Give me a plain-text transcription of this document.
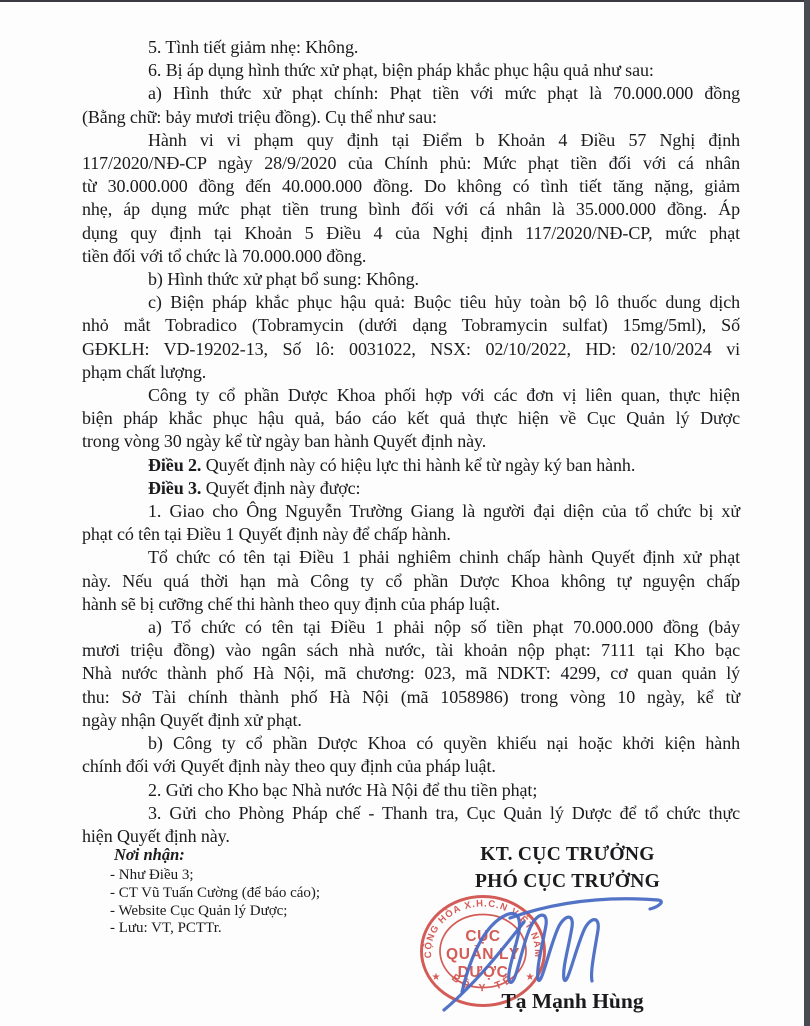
5. Tình tiết giảm nhẹ: Không.
6. Bị áp dụng hình thức xử phạt, biện pháp khắc phục hậu quả như sau:
a) Hình thức xử phạt chính: Phạt tiền với mức phạt là 70.000.000 đồng
(Bằng chữ: bảy mươi triệu đồng). Cụ thể như sau:
Hành vi vi phạm quy định tại Điểm b Khoản 4 Điều 57 Nghị định
117/2020/NĐ-CP ngày 28/9/2020 của Chính phủ: Mức phạt tiền đối với cá nhân
từ 30.000.000 đồng đến 40.000.000 đồng. Do không có tình tiết tăng nặng, giảm
nhẹ, áp dụng mức phạt tiền trung bình đối với cá nhân là 35.000.000 đồng. Áp
dụng quy định tại Khoản 5 Điều 4 của Nghị định 117/2020/NĐ-CP, mức phạt
tiền đối với tổ chức là 70.000.000 đồng.
b) Hình thức xử phạt bổ sung: Không.
c) Biện pháp khắc phục hậu quả: Buộc tiêu hủy toàn bộ lô thuốc dung dịch
nhỏ mắt Tobradico (Tobramycin (dưới dạng Tobramycin sulfat) 15mg/5ml), Số
GĐKLH: VD-19202-13, Số lô: 0031022, NSX: 02/10/2022, HD: 02/10/2024 vi
phạm chất lượng.
Công ty cổ phần Dược Khoa phối hợp với các đơn vị liên quan, thực hiện
biện pháp khắc phục hậu quả, báo cáo kết quả thực hiện về Cục Quản lý Dược
trong vòng 30 ngày kể từ ngày ban hành Quyết định này.
Điều 2. Quyết định này có hiệu lực thi hành kể từ ngày ký ban hành.
Điều 3. Quyết định này được:
1. Giao cho Ông Nguyễn Trường Giang là người đại diện của tổ chức bị xử
phạt có tên tại Điều 1 Quyết định này để chấp hành.
Tổ chức có tên tại Điều 1 phải nghiêm chinh chấp hành Quyết định xử phạt
này. Nếu quá thời hạn mà Công ty cổ phần Dược Khoa không tự nguyện chấp
hành sẽ bị cưỡng chế thi hành theo quy định của pháp luật.
a) Tổ chức có tên tại Điều 1 phải nộp số tiền phạt 70.000.000 đồng (bảy
mươi triệu đồng) vào ngân sách nhà nước, tài khoản nộp phạt: 7111 tại Kho bạc
Nhà nước thành phố Hà Nội, mã chương: 023, mã NDKT: 4299, cơ quan quản lý
thu: Sở Tài chính thành phố Hà Nội (mã 1058986) trong vòng 10 ngày, kể từ
ngày nhận Quyết định xử phạt.
b) Công ty cổ phần Dược Khoa có quyền khiếu nại hoặc khởi kiện hành
chính đối với Quyết định này theo quy định của pháp luật.
2. Gửi cho Kho bạc Nhà nước Hà Nội để thu tiền phạt;
3. Gửi cho Phòng Pháp chế - Thanh tra, Cục Quản lý Dược để tổ chức thực
hiện Quyết định này.
Nơi nhận:
- Như Điều 3;
- CT Vũ Tuấn Cường (để báo cáo);
- Website Cục Quản lý Dược;
- Lưu: VT, PCTTr.
KT. CỤC TRƯỞNG
PHÓ CỤC TRƯỞNG
CỘNG HÒA X.H.C.N VIỆT NAM
BỘ Y TẾ
★	★
CỤC
QUẢN LÝ
DƯỢC
Tạ Mạnh Hùng
